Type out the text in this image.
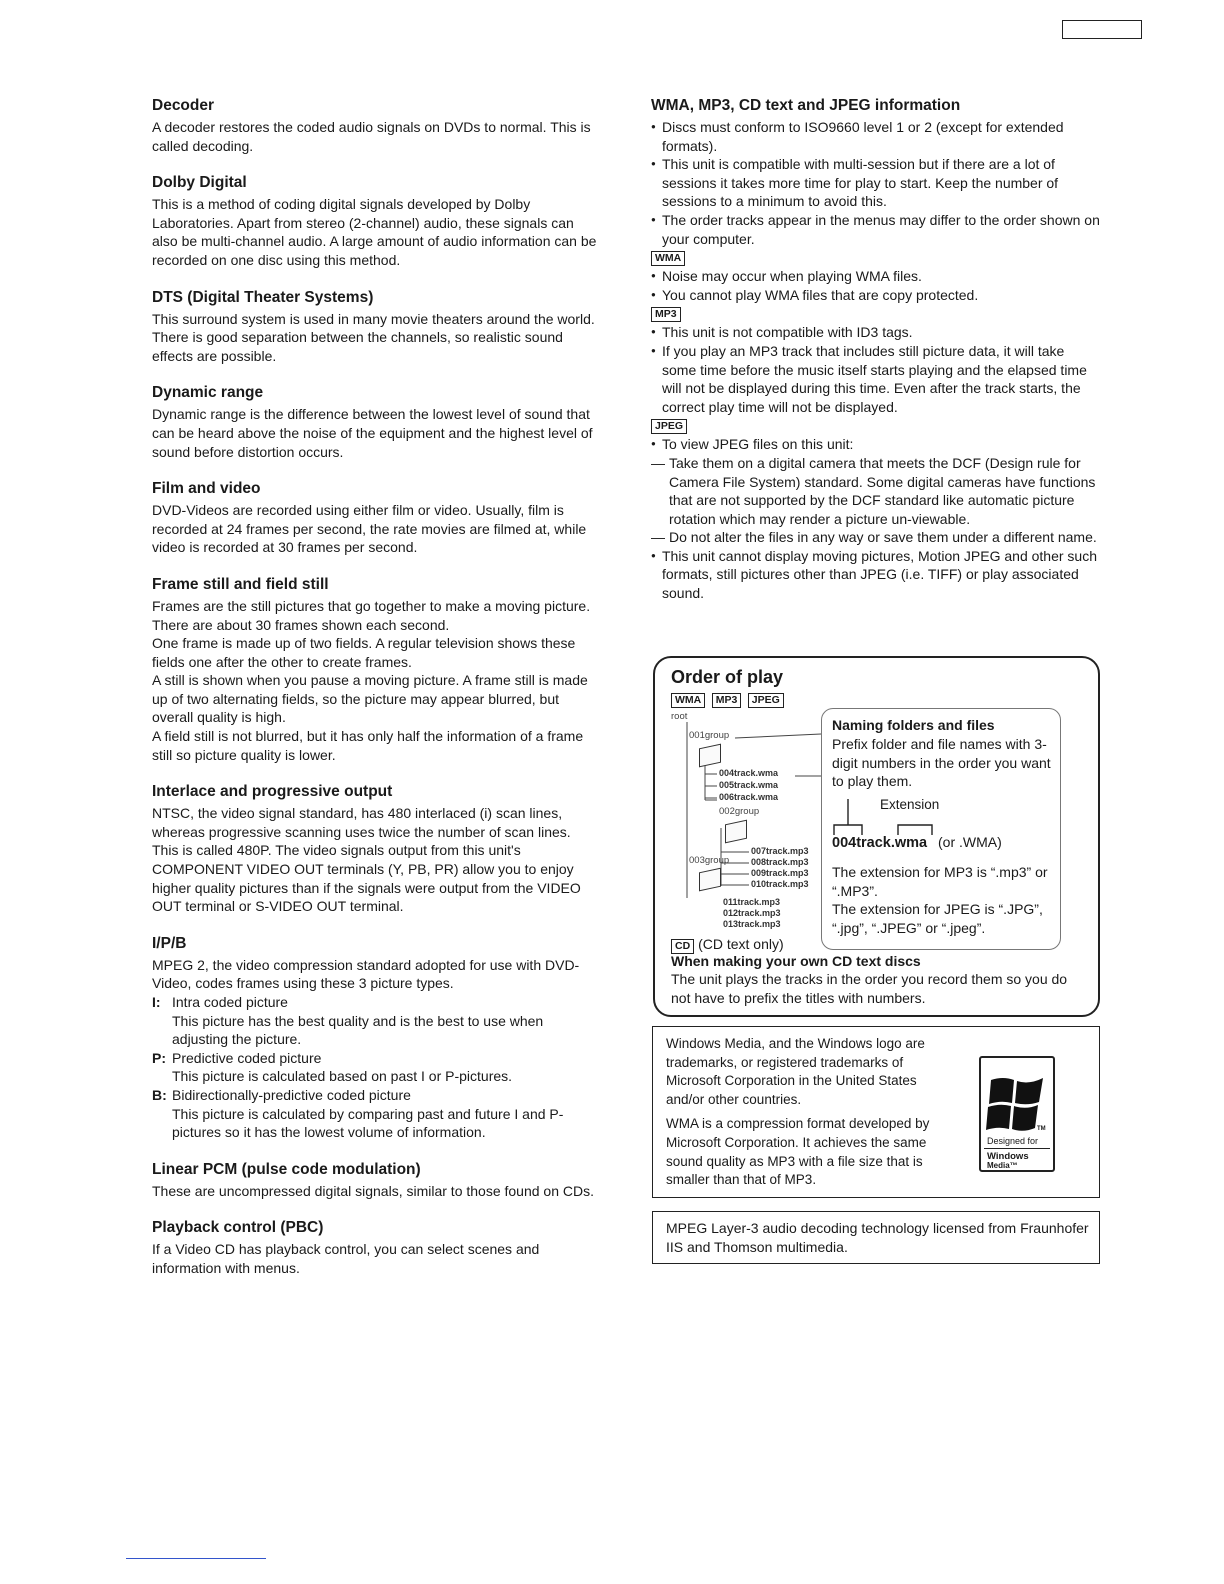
Decoder

A decoder restores the coded audio signals on DVDs to normal. This is called decoding.

Dolby Digital

This is a method of coding digital signals developed by Dolby Laboratories. Apart from stereo (2-channel) audio, these signals can also be multi-channel audio. A large amount of audio information can be recorded on one disc using this method.

DTS (Digital Theater Systems)

This surround system is used in many movie theaters around the world. There is good separation between the channels, so realistic sound effects are possible.

Dynamic range

Dynamic range is the difference between the lowest level of sound that can be heard above the noise of the equipment and the highest level of sound before distortion occurs.

Film and video

DVD-Videos are recorded using either film or video. Usually, film is recorded at 24 frames per second, the rate movies are filmed at, while video is recorded at 30 frames per second.

Frame still and field still

Frames are the still pictures that go together to make a moving picture. There are about 30 frames shown each second.

One frame is made up of two fields. A regular television shows these fields one after the other to create frames.

A still is shown when you pause a moving picture. A frame still is made up of two alternating fields, so the picture may appear blurred, but overall quality is high.

A field still is not blurred, but it has only half the information of a frame still so picture quality is lower.

Interlace and progressive output

NTSC, the video signal standard, has 480 interlaced (i) scan lines, whereas progressive scanning uses twice the number of scan lines. This is called 480P. The video signals output from this unit's COMPONENT VIDEO OUT terminals (Y, PB, PR) allow you to enjoy higher quality pictures than if the signals were output from the VIDEO OUT terminal or S-VIDEO OUT terminal.

I/P/B

MPEG 2, the video compression standard adopted for use with DVD-Video, codes frames using these 3 picture types.

I: Intra coded picture
This picture has the best quality and is the best to use when adjusting the picture.
P: Predictive coded picture
This picture is calculated based on past I or P-pictures.
B: Bidirectionally-predictive coded picture
This picture is calculated by comparing past and future I and P-pictures so it has the lowest volume of information.
Linear PCM (pulse code modulation)

These are uncompressed digital signals, similar to those found on CDs.

Playback control (PBC)

If a Video CD has playback control, you can select scenes and information with menus.

WMA, MP3, CD text and JPEG information
● Discs must conform to ISO9660 level 1 or 2 (except for extended formats).
● This unit is compatible with multi-session but if there are a lot of sessions it takes more time for play to start. Keep the number of sessions to a minimum to avoid this.
● The order tracks appear in the menus may differ to the order shown on your computer.
WMA
● Noise may occur when playing WMA files.
● You cannot play WMA files that are copy protected.
MP3
● This unit is not compatible with ID3 tags.
● If you play an MP3 track that includes still picture data, it will take some time before the music itself starts playing and the elapsed time will not be displayed during this time. Even after the track starts, the correct play time will not be displayed.
JPEG
● To view JPEG files on this unit:
— Take them on a digital camera that meets the DCF (Design rule for Camera File System) standard. Some digital cameras have functions that are not supported by the DCF standard like automatic picture rotation which may render a picture un-viewable.
— Do not alter the files in any way or save them under a different name.
● This unit cannot display moving pictures, Motion JPEG and other such formats, still pictures other than JPEG (i.e. TIFF) or play associated sound.
Order of play
WMA MP3 JPEG
root
001group
004track.wma
005track.wma
006track.wma
002group
007track.mp3
003group 008track.mp3
009track.mp3
010track.mp3
011track.mp3
012track.mp3
013track.mp3
Naming folders and files

Prefix folder and file names with 3-digit numbers in the order you want to play them.

Extension
004track.wma (or .WMA)
The extension for MP3 is “.mp3” or “.MP3”.
The extension for JPEG is “.JPG”, “.jpg”, “.JPEG” or “.jpeg”.
CD (CD text only)
When making your own CD text discs
The unit plays the tracks in the order you record them so you do not have to prefix the titles with numbers.

Windows Media, and the Windows logo are trademarks, or registered trademarks of Microsoft Corporation in the United States and/or other countries.

WMA is a compression format developed by Microsoft Corporation. It achieves the same sound quality as MP3 with a file size that is smaller than that of MP3.

TM
Designed for
Windows
Media™

MPEG Layer-3 audio decoding technology licensed from Fraunhofer IIS and Thomson multimedia.
